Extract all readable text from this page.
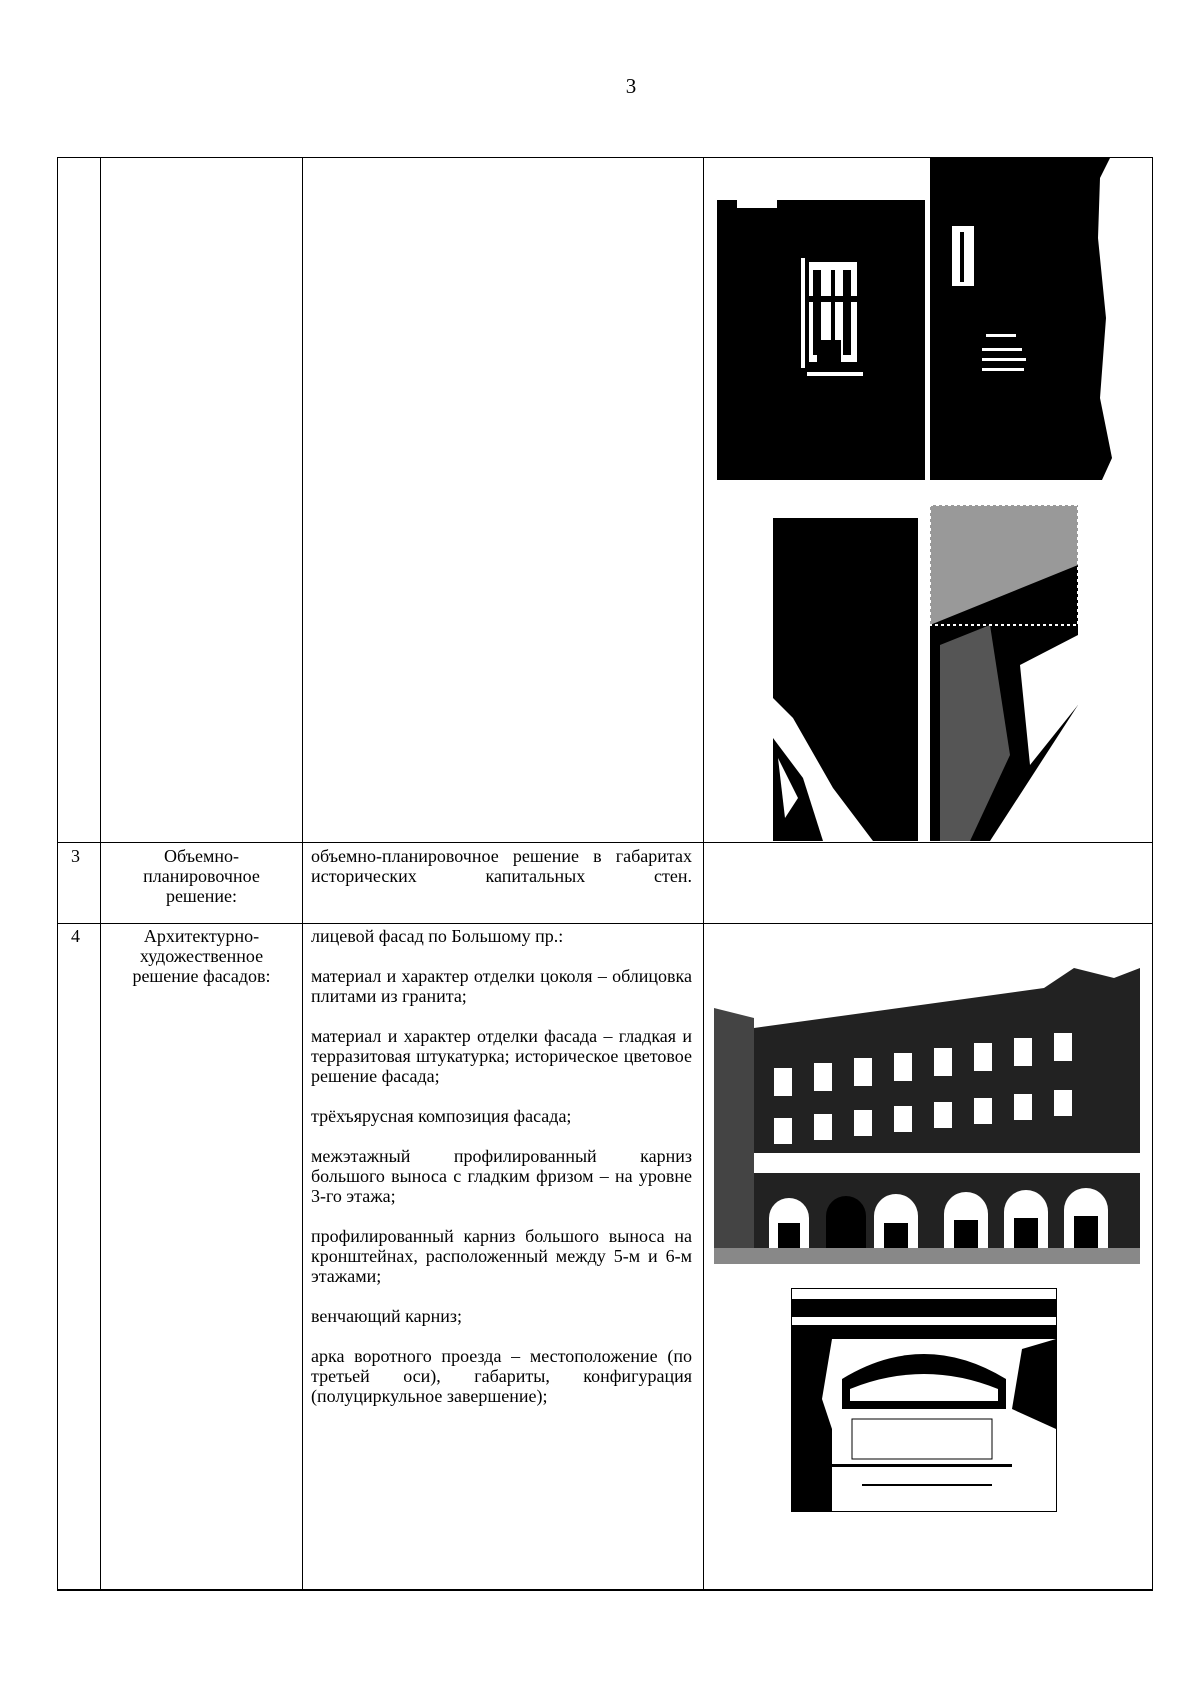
3
3	Объемно-
планировочное
решение:

объемно-планировочное решение в габаритах исторических капитальных стен.

4	Архитектурно-
художественное
решение фасадов:

лицевой фасад по Большому пр.:

материал и характер отделки цоколя – облицовка плитами из гранита;

материал и характер отделки фасада – гладкая и терразитовая штукатурка; историческое цветовое решение фасада;

трёхъярусная композиция фасада;

межэтажный профилированный карниз большого выноса с гладким фризом – на уровне 3-го этажа;

профилированный карниз большого выноса на кронштейнах, расположенный между 5-м и 6-м этажами;

венчающий карниз;

арка воротного проезда – местоположение (по третьей оси), габариты, конфигурация (полуциркульное завершение);
